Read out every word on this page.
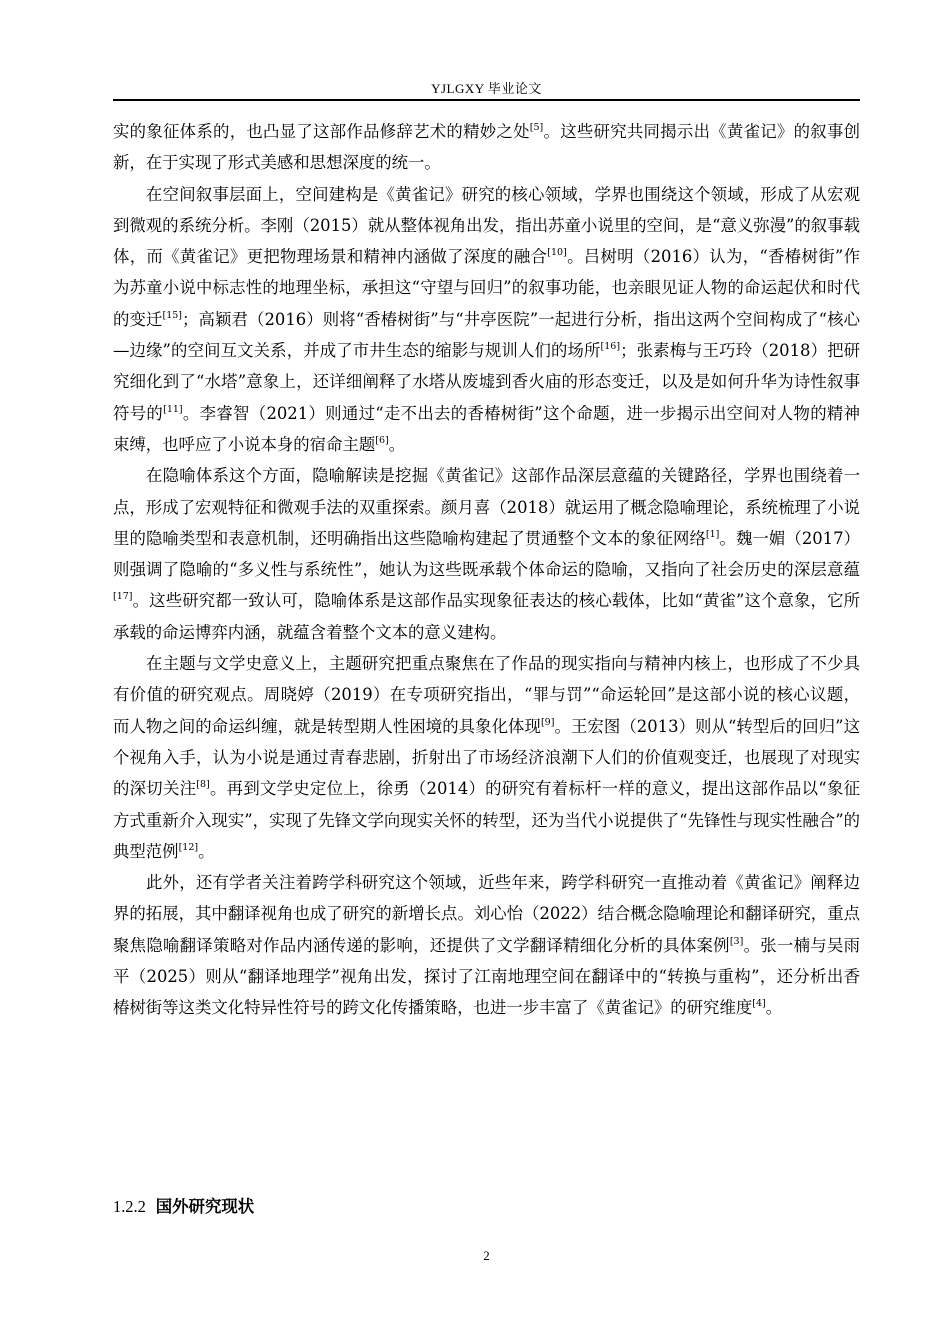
YJLGXY 毕业论文

实的象征体系的，也凸显了这部作品修辞艺术的精妙之处[5]。这些研究共同揭示出《黄雀记》的叙事创新，在于实现了形式美感和思想深度的统一。

在空间叙事层面上，空间建构是《黄雀记》研究的核心领域，学界也围绕这个领域，形成了从宏观到微观的系统分析。李刚（2015）就从整体视角出发，指出苏童小说里的空间，是“意义弥漫”的叙事载体，而《黄雀记》更把物理场景和精神内涵做了深度的融合[10]。吕树明（2016）认为，“香椿树街”作为苏童小说中标志性的地理坐标，承担这“守望与回归”的叙事功能，也亲眼见证人物的命运起伏和时代的变迁[15]；高颖君（2016）则将“香椿树街”与“井亭医院”一起进行分析，指出这两个空间构成了“核心—边缘”的空间互文关系，并成了市井生态的缩影与规训人们的场所[16]；张素梅与王巧玲（2018）把研究细化到了“水塔”意象上，还详细阐释了水塔从废墟到香火庙的形态变迁，以及是如何升华为诗性叙事符号的[11]。李睿智（2021）则通过“走不出去的香椿树街”这个命题，进一步揭示出空间对人物的精神束缚，也呼应了小说本身的宿命主题[6]。

在隐喻体系这个方面，隐喻解读是挖掘《黄雀记》这部作品深层意蕴的关键路径，学界也围绕着一点，形成了宏观特征和微观手法的双重探索。颜月喜（2018）就运用了概念隐喻理论，系统梳理了小说里的隐喻类型和表意机制，还明确指出这些隐喻构建起了贯通整个文本的象征网络[1]。魏一媚（2017）则强调了隐喻的“多义性与系统性”，她认为这些既承载个体命运的隐喻，又指向了社会历史的深层意蕴[17]。这些研究都一致认可，隐喻体系是这部作品实现象征表达的核心载体，比如“黄雀”这个意象，它所承载的命运博弈内涵，就蕴含着整个文本的意义建构。

在主题与文学史意义上，主题研究把重点聚焦在了作品的现实指向与精神内核上，也形成了不少具有价值的研究观点。周晓婷（2019）在专项研究指出，“罪与罚”“命运轮回”是这部小说的核心议题，而人物之间的命运纠缠，就是转型期人性困境的具象化体现[9]。王宏图（2013）则从“转型后的回归”这个视角入手，认为小说是通过青春悲剧，折射出了市场经济浪潮下人们的价值观变迁，也展现了对现实的深切关注[8]。再到文学史定位上，徐勇（2014）的研究有着标杆一样的意义，提出这部作品以“象征方式重新介入现实”，实现了先锋文学向现实关怀的转型，还为当代小说提供了“先锋性与现实性融合”的典型范例[12]。

此外，还有学者关注着跨学科研究这个领域，近些年来，跨学科研究一直推动着《黄雀记》阐释边界的拓展，其中翻译视角也成了研究的新增长点。刘心怡（2022）结合概念隐喻理论和翻译研究，重点聚焦隐喻翻译策略对作品内涵传递的影响，还提供了文学翻译精细化分析的具体案例[3]。张一楠与吴雨平（2025）则从“翻译地理学”视角出发，探讨了江南地理空间在翻译中的“转换与重构”，还分析出香椿树街等这类文化特异性符号的跨文化传播策略，也进一步丰富了《黄雀记》的研究维度[4]。

1.2.2 国外研究现状
2
